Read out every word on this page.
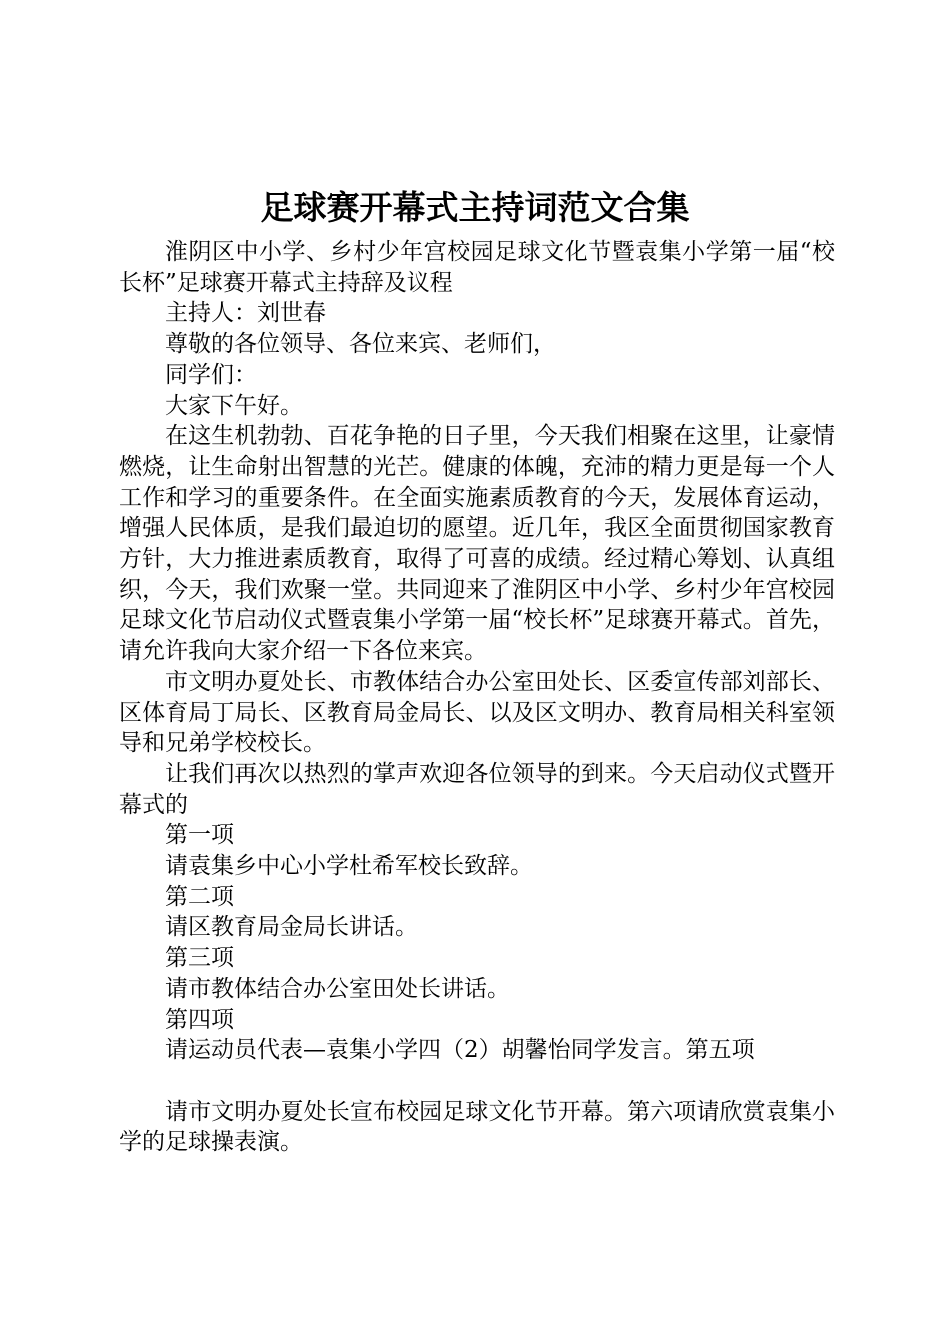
足球赛开幕式主持词范文合集

淮阴区中小学、乡村少年宫校园足球文化节暨袁集小学第一届“校长杯”足球赛开幕式主持辞及议程

主持人：刘世春

尊敬的各位领导、各位来宾、老师们，

同学们：

大家下午好。

在这生机勃勃、百花争艳的日子里，今天我们相聚在这里，让豪情燃烧，让生命射出智慧的光芒。健康的体魄，充沛的精力更是每一个人工作和学习的重要条件。在全面实施素质教育的今天，发展体育运动，增强人民体质，是我们最迫切的愿望。近几年，我区全面贯彻国家教育方针，大力推进素质教育，取得了可喜的成绩。经过精心筹划、认真组织，今天，我们欢聚一堂。共同迎来了淮阴区中小学、乡村少年宫校园足球文化节启动仪式暨袁集小学第一届“校长杯”足球赛开幕式。首先，请允许我向大家介绍一下各位来宾。

市文明办夏处长、市教体结合办公室田处长、区委宣传部刘部长、区体育局丁局长、区教育局金局长、以及区文明办、教育局相关科室领导和兄弟学校校长。

让我们再次以热烈的掌声欢迎各位领导的到来。今天启动仪式暨开幕式的

第一项

请袁集乡中心小学杜希军校长致辞。

第二项

请区教育局金局长讲话。

第三项

请市教体结合办公室田处长讲话。

第四项

请运动员代表—袁集小学四（2）胡馨怡同学发言。第五项

请市文明办夏处长宣布校园足球文化节开幕。第六项请欣赏袁集小学的足球操表演。
